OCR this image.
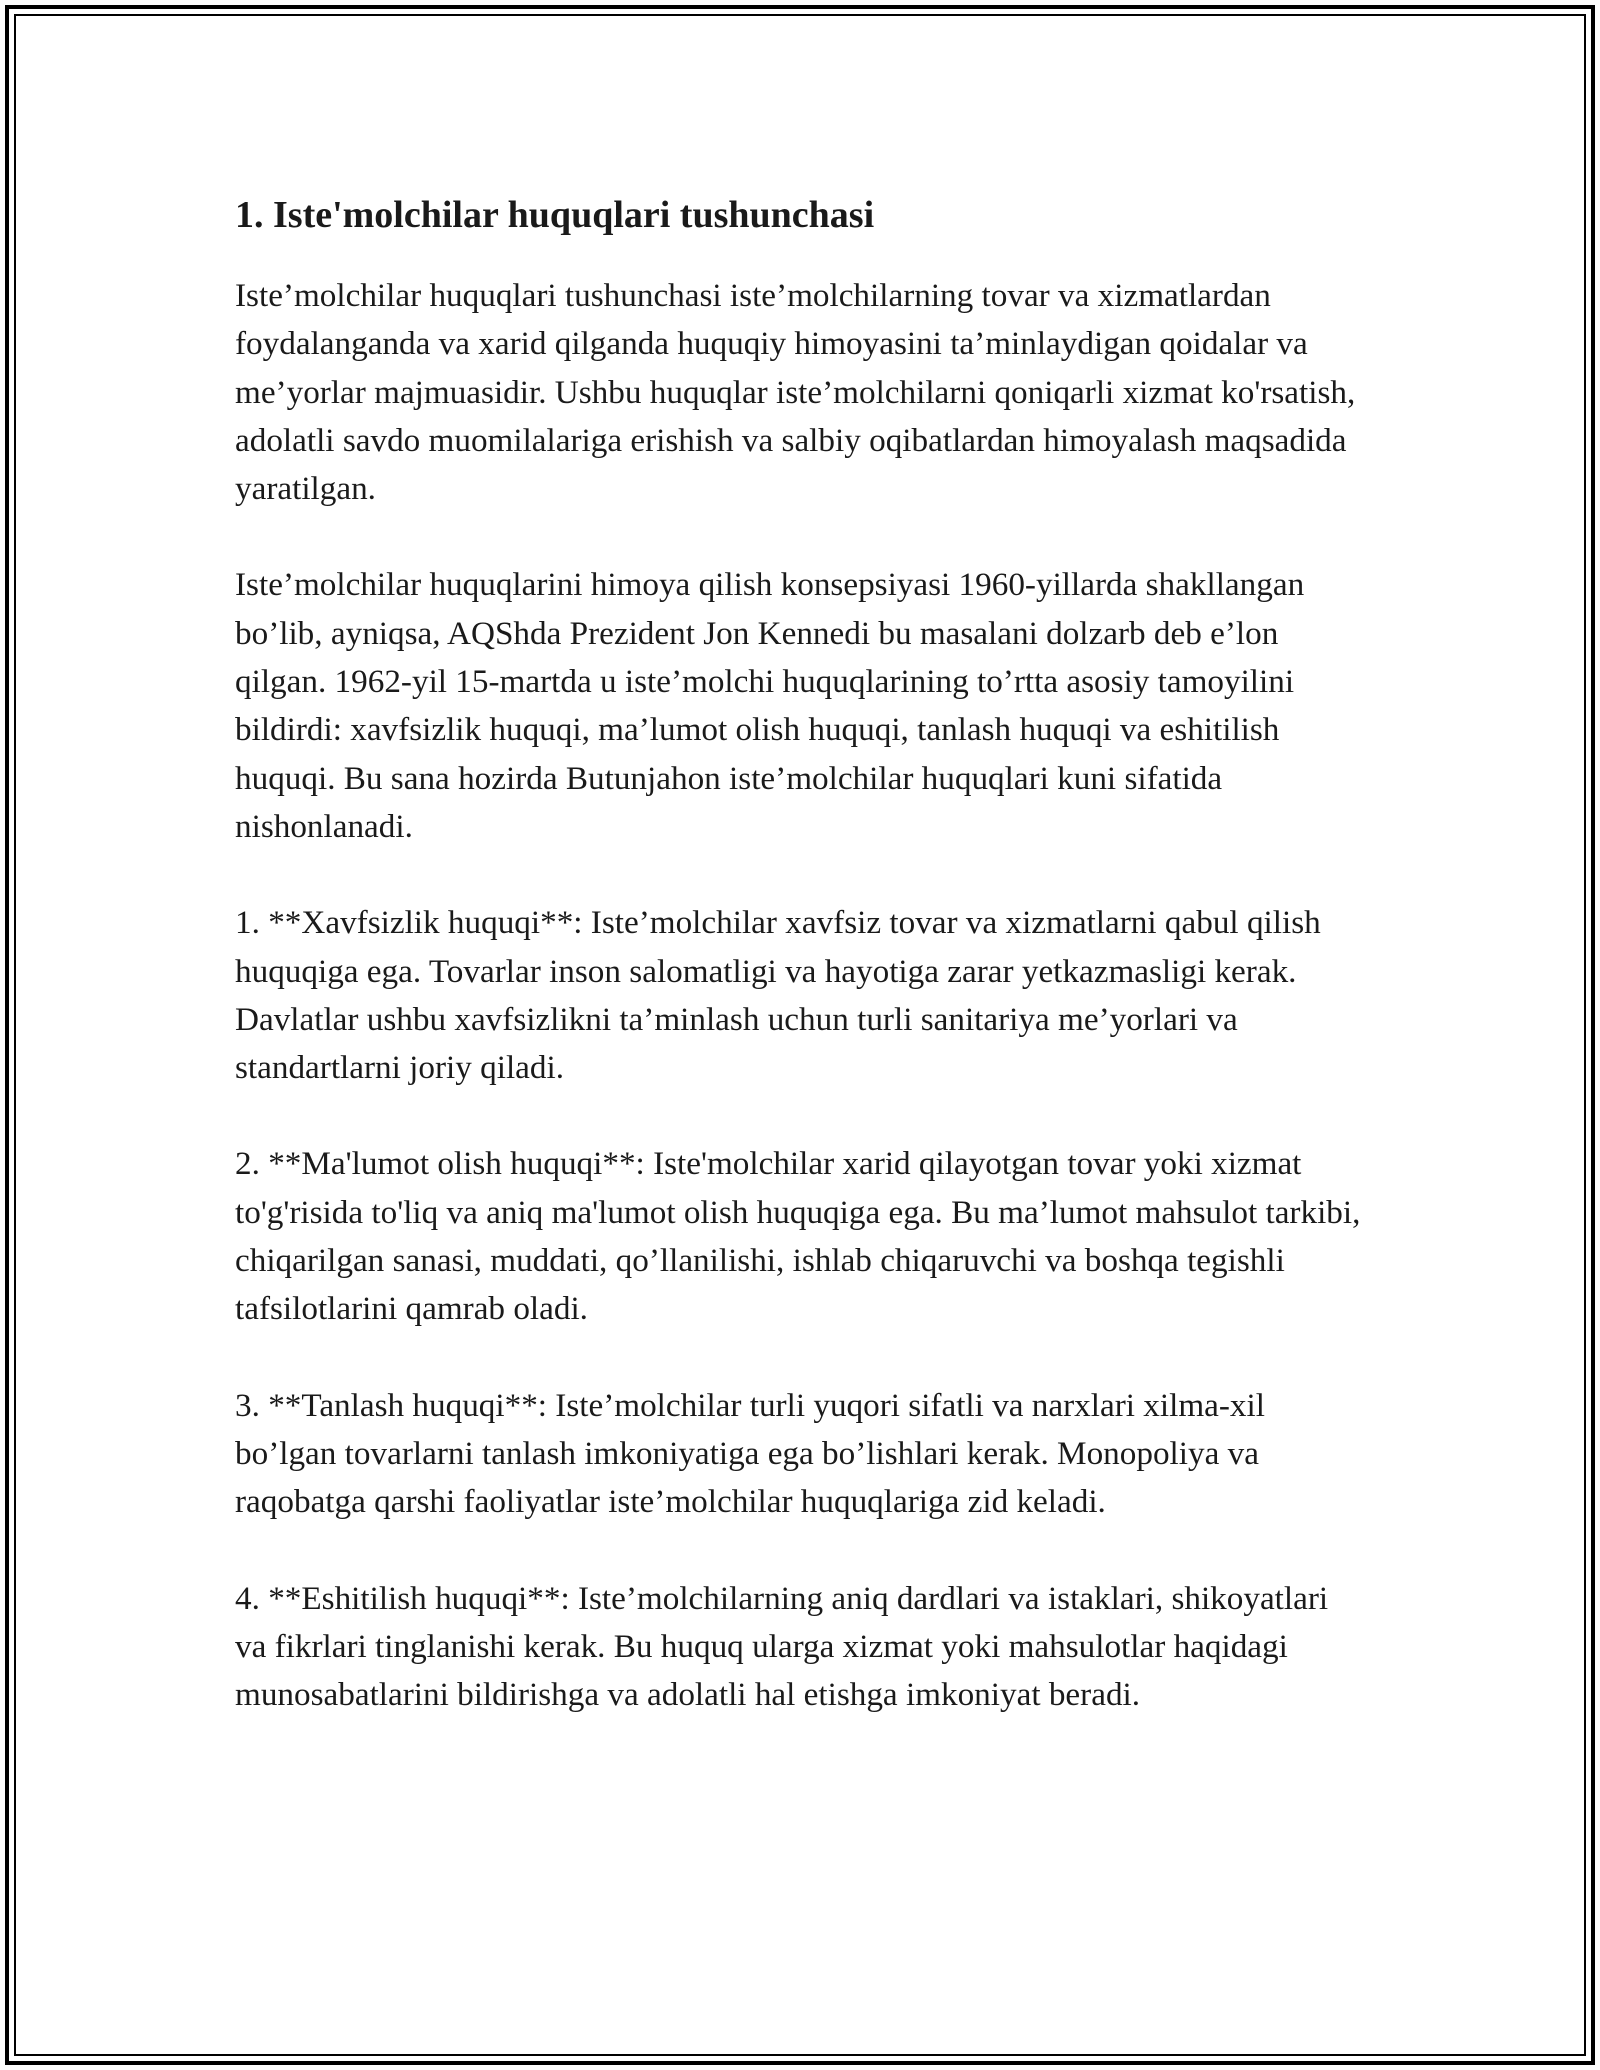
1. Iste'molchilar huquqlari tushunchasi

Iste’molchilar huquqlari tushunchasi iste’molchilarning tovar va xizmatlardan foydalanganda va xarid qilganda huquqiy himoyasini ta’minlaydigan qoidalar va me’yorlar majmuasidir. Ushbu huquqlar iste’molchilarni qoniqarli xizmat ko'rsatish, adolatli savdo muomilalariga erishish va salbiy oqibatlardan himoyalash maqsadida yaratilgan.

Iste’molchilar huquqlarini himoya qilish konsepsiyasi 1960-yillarda shakllangan bo’lib, ayniqsa, AQShda Prezident Jon Kennedi bu masalani dolzarb deb e’lon qilgan. 1962-yil 15-martda u iste’molchi huquqlarining to’rtta asosiy tamoyilini bildirdi: xavfsizlik huquqi, ma’lumot olish huquqi, tanlash huquqi va eshitilish huquqi. Bu sana hozirda Butunjahon iste’molchilar huquqlari kuni sifatida nishonlanadi.

1. **Xavfsizlik huquqi**: Iste’molchilar xavfsiz tovar va xizmatlarni qabul qilish huquqiga ega. Tovarlar inson salomatligi va hayotiga zarar yetkazmasligi kerak. Davlatlar ushbu xavfsizlikni ta’minlash uchun turli sanitariya me’yorlari va standartlarni joriy qiladi.

2. **Ma'lumot olish huquqi**: Iste'molchilar xarid qilayotgan tovar yoki xizmat to'g'risida to'liq va aniq ma'lumot olish huquqiga ega. Bu ma’lumot mahsulot tarkibi, chiqarilgan sanasi, muddati, qo’llanilishi, ishlab chiqaruvchi va boshqa tegishli tafsilotlarini qamrab oladi.

3. **Tanlash huquqi**: Iste’molchilar turli yuqori sifatli va narxlari xilma-xil bo’lgan tovarlarni tanlash imkoniyatiga ega bo’lishlari kerak. Monopoliya va raqobatga qarshi faoliyatlar iste’molchilar huquqlariga zid keladi.

4. **Eshitilish huquqi**: Iste’molchilarning aniq dardlari va istaklari, shikoyatlari va fikrlari tinglanishi kerak. Bu huquq ularga xizmat yoki mahsulotlar haqidagi munosabatlarini bildirishga va adolatli hal etishga imkoniyat beradi.
